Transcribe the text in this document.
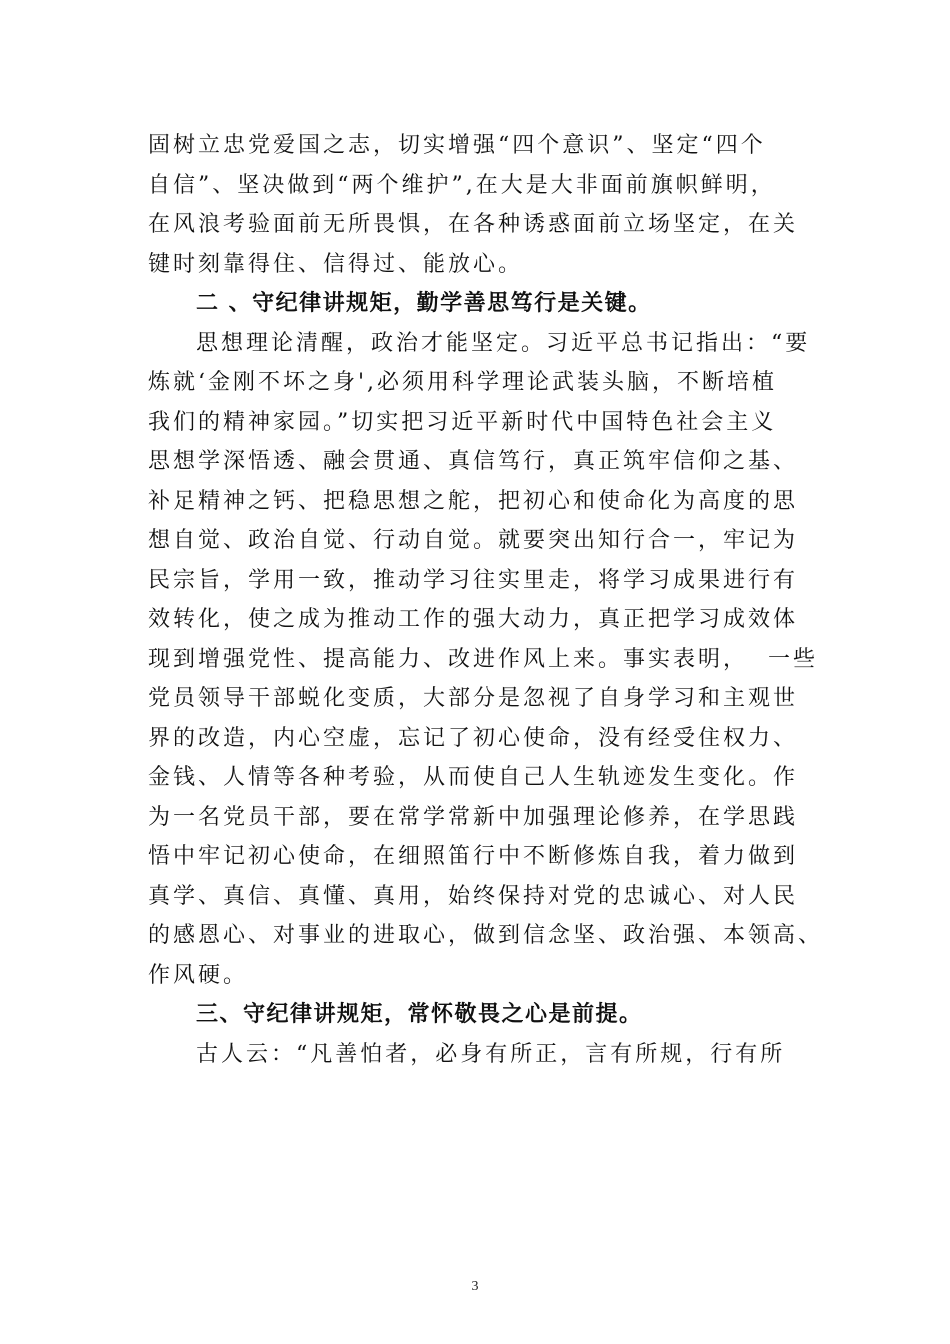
固树立忠党爱国之志，切实增强“四个意识”、坚定“四个
自信”、坚决做到“两个维护”,在大是大非面前旗帜鲜明，
在风浪考验面前无所畏惧，在各种诱惑面前立场坚定，在关
键时刻靠得住、信得过、能放心。
二 、守纪律讲规矩，勤学善思笃行是关键。
思想理论清醒，政治才能坚定。习近平总书记指出：“要
炼就‘金刚不坏之身',必须用科学理论武装头脑，不断培植
我们的精神家园。”切实把习近平新时代中国特色社会主义
思想学深悟透、融会贯通、真信笃行，真正筑牢信仰之基、
补足精神之钙、把稳思想之舵，把初心和使命化为高度的思
想自觉、政治自觉、行动自觉。就要突出知行合一，牢记为
民宗旨，学用一致，推动学习往实里走，将学习成果进行有
效转化，使之成为推动工作的强大动力，真正把学习成效体
现到增强党性、提高能力、改进作风上来。事实表明，  一些
党员领导干部蜕化变质，大部分是忽视了自身学习和主观世
界的改造，内心空虚，忘记了初心使命，没有经受住权力、
金钱、人情等各种考验，从而使自己人生轨迹发生变化。作
为一名党员干部，要在常学常新中加强理论修养，在学思践
悟中牢记初心使命，在细照笛行中不断修炼自我，着力做到
真学、真信、真懂、真用，始终保持对党的忠诚心、对人民
的感恩心、对事业的进取心，做到信念坚、政治强、本领高、
作风硬。
三、守纪律讲规矩，常怀敬畏之心是前提。
古人云：“凡善怕者，必身有所正，言有所规，行有所
3
